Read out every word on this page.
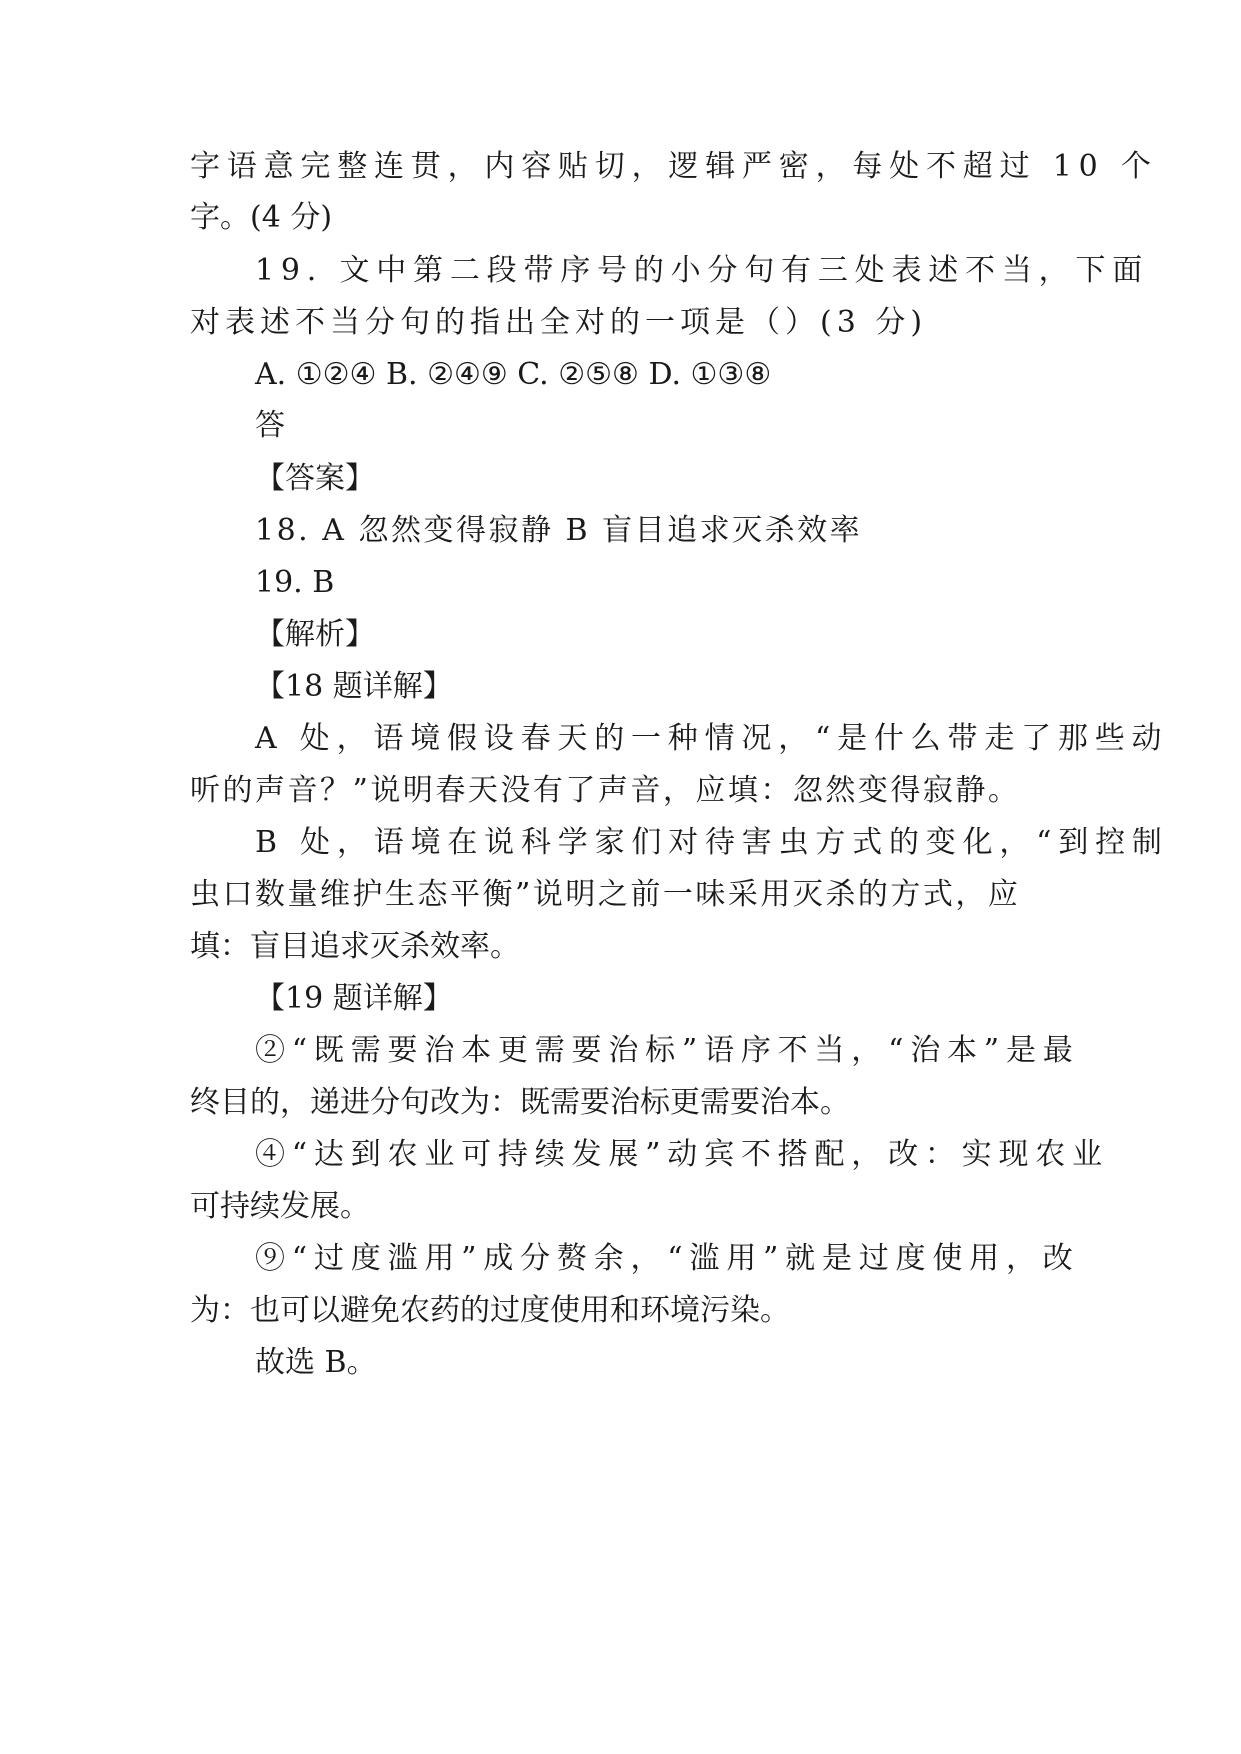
字语意完整连贯，内容贴切，逻辑严密，每处不超过 10 个
字。(4 分)
19. 文中第二段带序号的小分句有三处表述不当，下面
对表述不当分句的指出全对的一项是（）(3 分)
A. ①②④ B. ②④⑨ C. ②⑤⑧ D. ①③⑧
答
【答案】
18. A 忽然变得寂静 B 盲目追求灭杀效率
19. B
【解析】
【18 题详解】
A 处，语境假设春天的一种情况，“是什么带走了那些动
听的声音？”说明春天没有了声音，应填：忽然变得寂静。
B 处，语境在说科学家们对待害虫方式的变化，“到控制
虫口数量维护生态平衡”说明之前一味采用灭杀的方式，应
填：盲目追求灭杀效率。
【19 题详解】
②“既需要治本更需要治标”语序不当，“治本”是最
终目的，递进分句改为：既需要治标更需要治本。
④“达到农业可持续发展”动宾不搭配，改：实现农业
可持续发展。
⑨“过度滥用”成分赘余，“滥用”就是过度使用，改
为：也可以避免农药的过度使用和环境污染。
故选 B。
